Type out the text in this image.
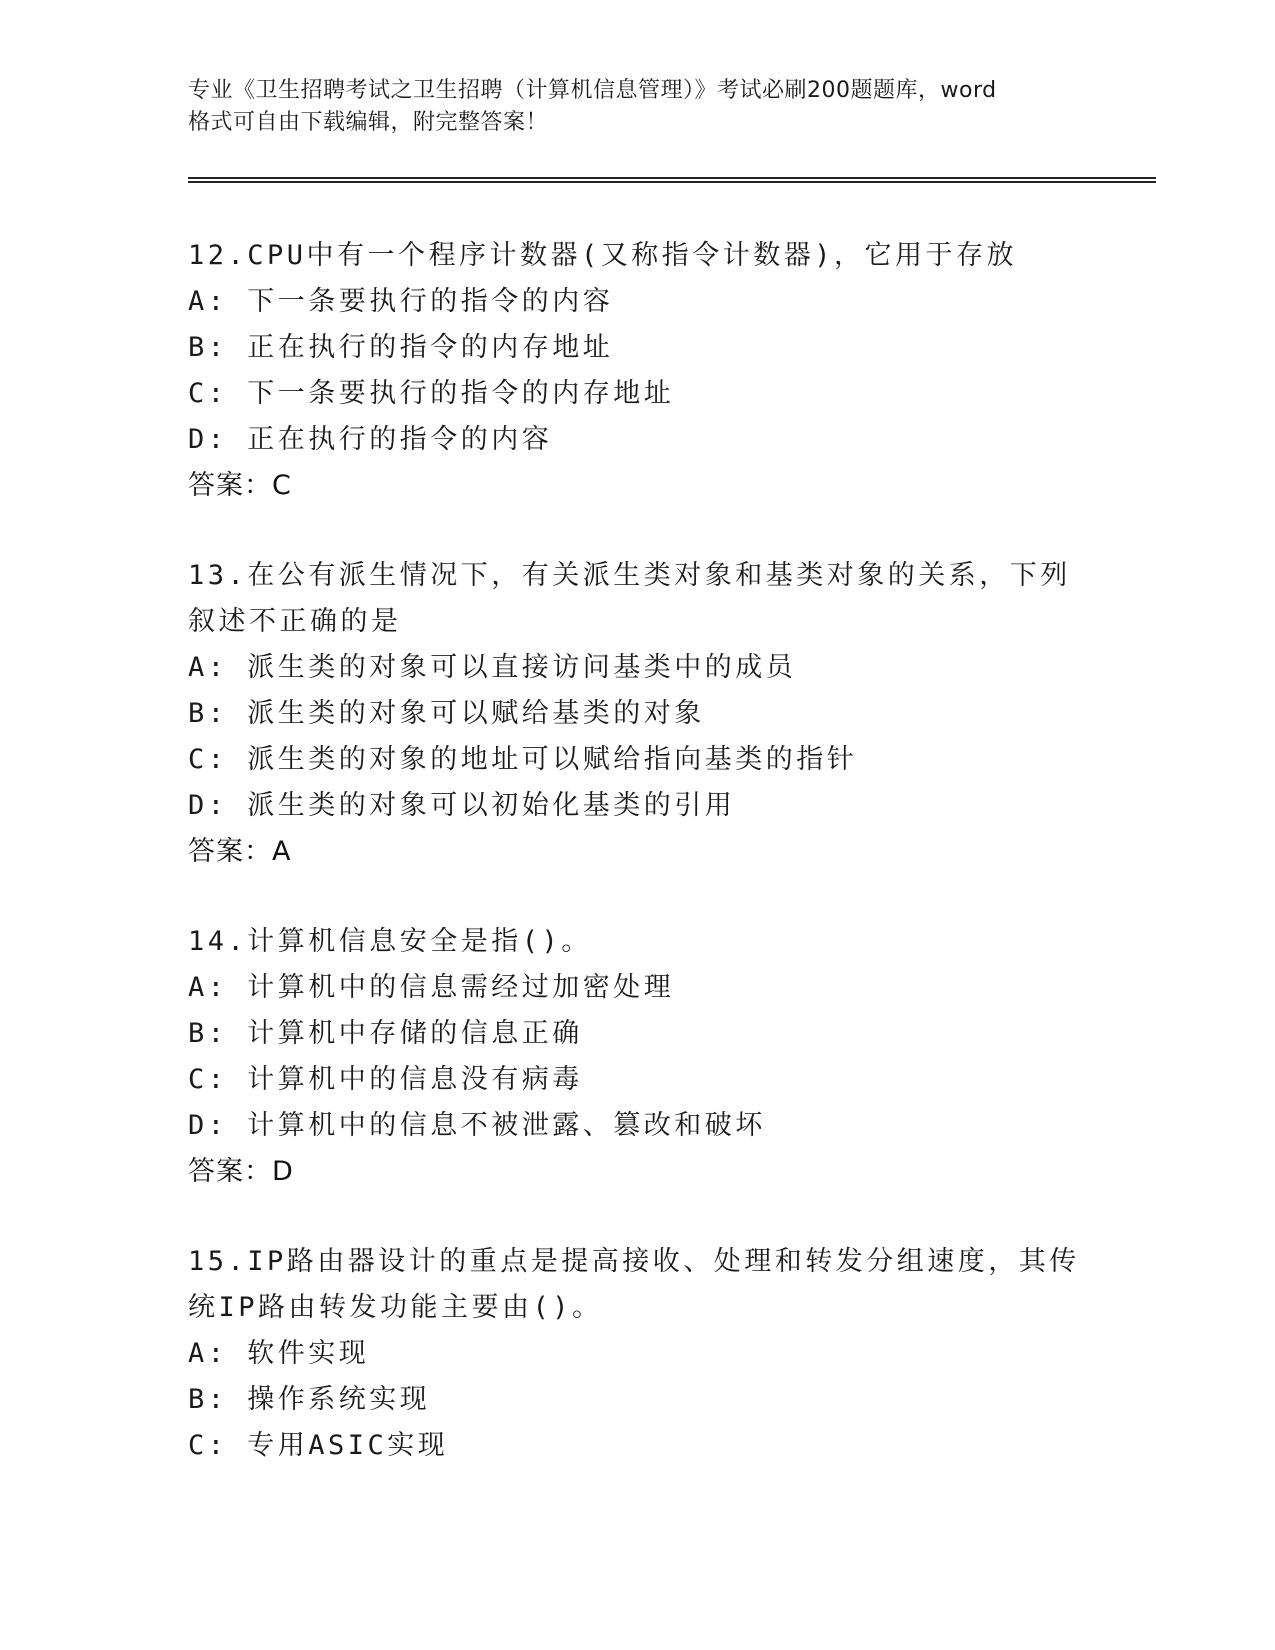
专业《卫生招聘考试之卫生招聘（计算机信息管理）》考试必刷200题题库，word
格式可自由下载编辑，附完整答案！
12.CPU中有一个程序计数器(又称指令计数器)，它用于存放
A: 下一条要执行的指令的内容
B: 正在执行的指令的内存地址
C: 下一条要执行的指令的内存地址
D: 正在执行的指令的内容
答案：C
13.在公有派生情况下，有关派生类对象和基类对象的关系，下列叙述不正确的是
A: 派生类的对象可以直接访问基类中的成员
B: 派生类的对象可以赋给基类的对象
C: 派生类的对象的地址可以赋给指向基类的指针
D: 派生类的对象可以初始化基类的引用
答案：A
14.计算机信息安全是指()。
A: 计算机中的信息需经过加密处理
B: 计算机中存储的信息正确
C: 计算机中的信息没有病毒
D: 计算机中的信息不被泄露、篡改和破坏
答案：D
15.IP路由器设计的重点是提高接收、处理和转发分组速度，其传统IP路由转发功能主要由()。
A: 软件实现
B: 操作系统实现
C: 专用ASIC实现
